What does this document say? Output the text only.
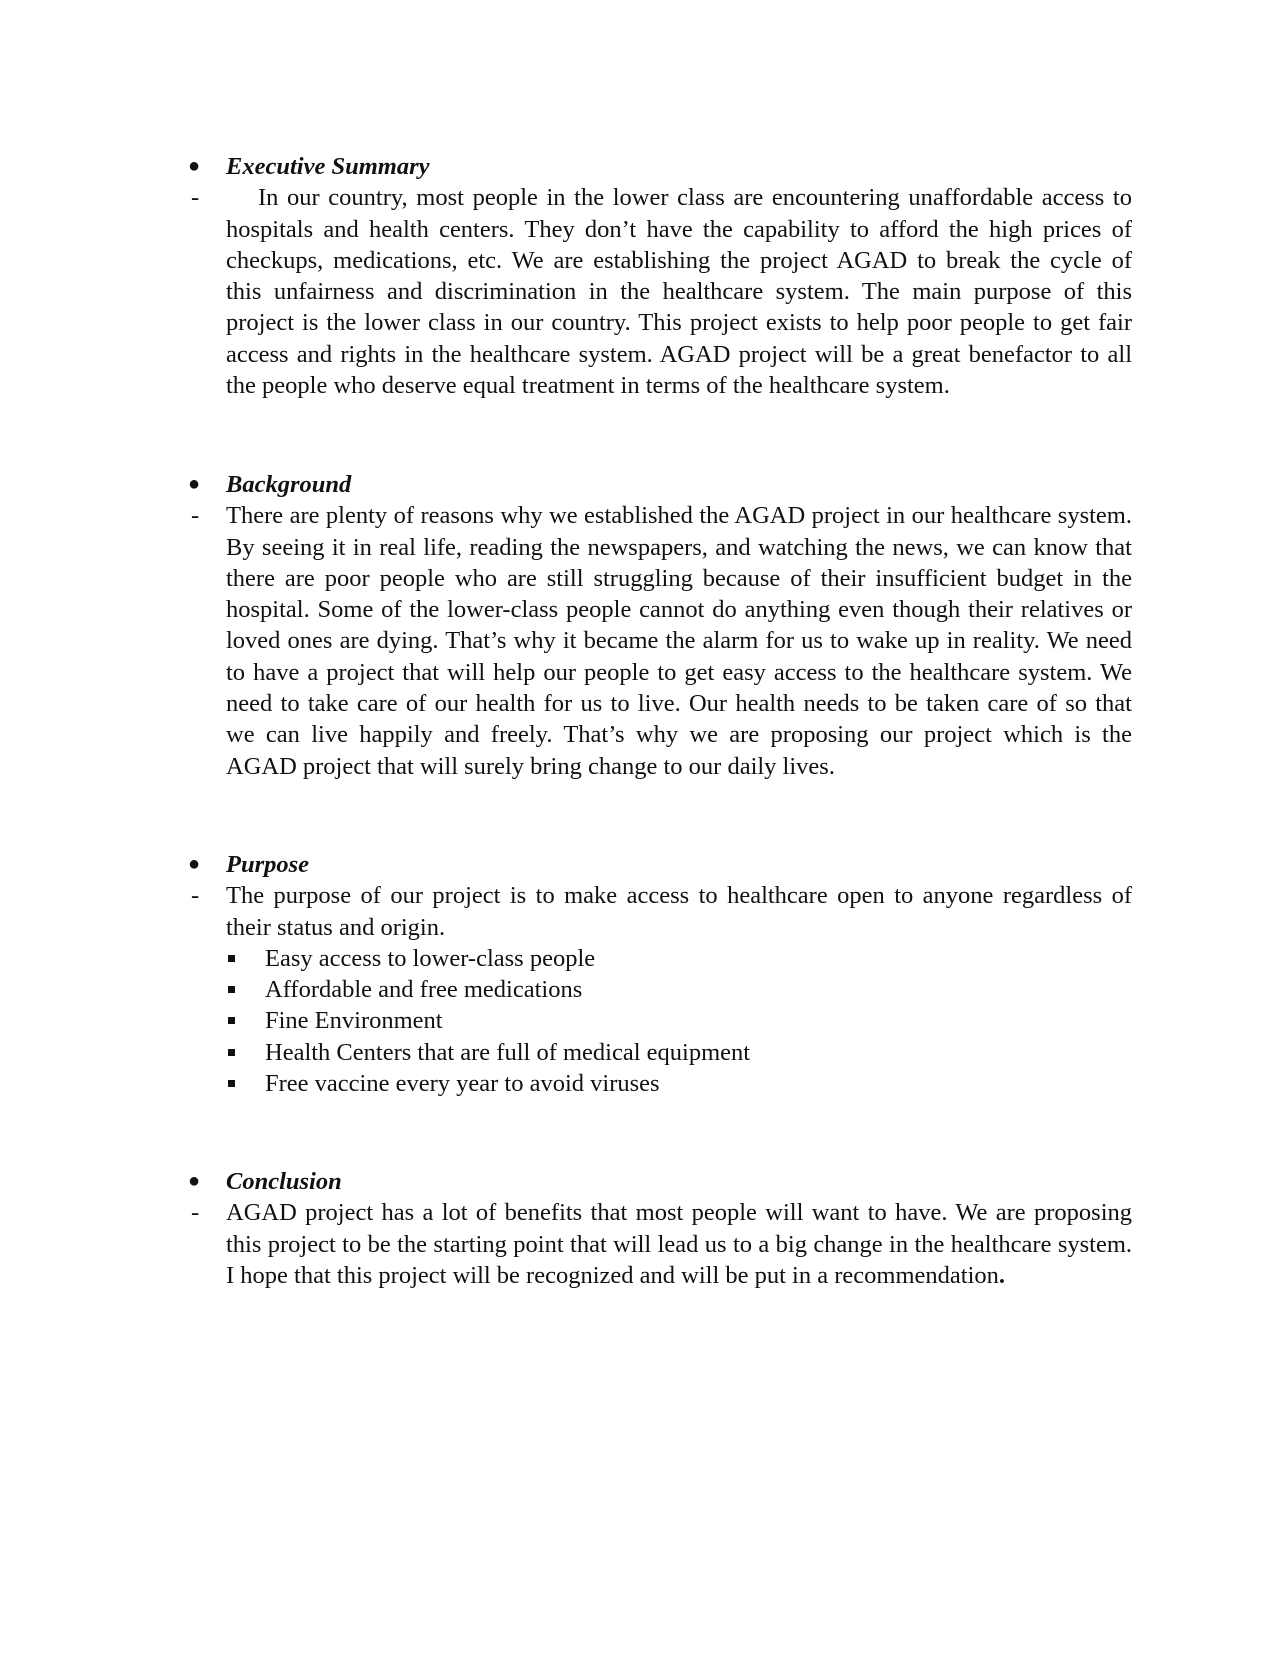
● Executive Summary
- In our country, most people in the lower class are encountering unaffordable access to
hospitals and health centers. They don’t have the capability to afford the high prices of
checkups, medications, etc. We are establishing the project AGAD to break the cycle of
this unfairness and discrimination in the healthcare system. The main purpose of this
project is the lower class in our country. This project exists to help poor people to get fair
access and rights in the healthcare system. AGAD project will be a great benefactor to all
the people who deserve equal treatment in terms of the healthcare system.
● Background
- There are plenty of reasons why we established the AGAD project in our healthcare system.
By seeing it in real life, reading the newspapers, and watching the news, we can know that
there are poor people who are still struggling because of their insufficient budget in the
hospital. Some of the lower-class people cannot do anything even though their relatives or
loved ones are dying. That’s why it became the alarm for us to wake up in reality. We need
to have a project that will help our people to get easy access to the healthcare system. We
need to take care of our health for us to live. Our health needs to be taken care of so that
we can live happily and freely. That’s why we are proposing our project which is the
AGAD project that will surely bring change to our daily lives.
● Purpose
- The purpose of our project is to make access to healthcare open to anyone regardless of
their status and origin.
Easy access to lower-class people
Affordable and free medications
Fine Environment
Health Centers that are full of medical equipment
Free vaccine every year to avoid viruses
● Conclusion
- AGAD project has a lot of benefits that most people will want to have. We are proposing
this project to be the starting point that will lead us to a big change in the healthcare system.
I hope that this project will be recognized and will be put in a recommendation.
